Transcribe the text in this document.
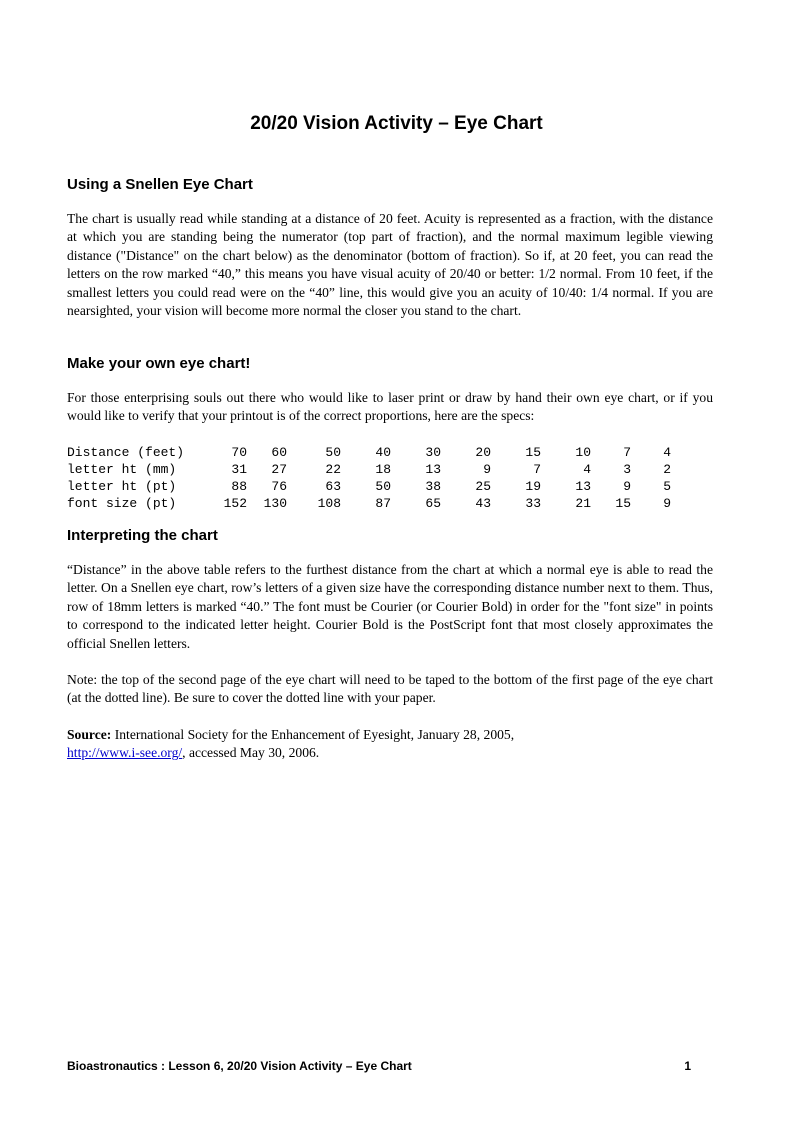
20/20 Vision Activity – Eye Chart
Using a Snellen Eye Chart

The chart is usually read while standing at a distance of 20 feet. Acuity is represented as a fraction, with the distance at which you are standing being the numerator (top part of fraction), and the normal maximum legible viewing distance ("Distance" on the chart below) as the denominator (bottom of fraction). So if, at 20 feet, you can read the letters on the row marked “40,” this means you have visual acuity of 20/40 or better: 1/2 normal. From 10 feet, if the smallest letters you could read were on the “40” line, this would give you an acuity of 10/40: 1/4 normal. If you are nearsighted, your vision will become more normal the closer you stand to the chart.

Make your own eye chart!

For those enterprising souls out there who would like to laser print or draw by hand their own eye chart, or if you would like to verify that your printout is of the correct proportions, here are the specs:

Distance (feet)	70	60	50	40	30	20	15	10	7	4
letter ht (mm)	31	27	22	18	13	9	7	4	3	2
letter ht (pt)	88	76	63	50	38	25	19	13	9	5
font size (pt)	152	130	108	87	65	43	33	21	15	9
Interpreting the chart

“Distance” in the above table refers to the furthest distance from the chart at which a normal eye is able to read the letter. On a Snellen eye chart, row’s letters of a given size have the corresponding distance number next to them. Thus, row of 18mm letters is marked “40.” The font must be Courier (or Courier Bold) in order for the "font size" in points to correspond to the indicated letter height. Courier Bold is the PostScript font that most closely approximates the official Snellen letters.

Note: the top of the second page of the eye chart will need to be taped to the bottom of the first page of the eye chart (at the dotted line). Be sure to cover the dotted line with your paper.

Source: International Society for the Enhancement of Eyesight, January 28, 2005,
http://www.i-see.org/, accessed May 30, 2006.

Bioastronautics : Lesson 6, 20/20 Vision Activity – Eye Chart	1
